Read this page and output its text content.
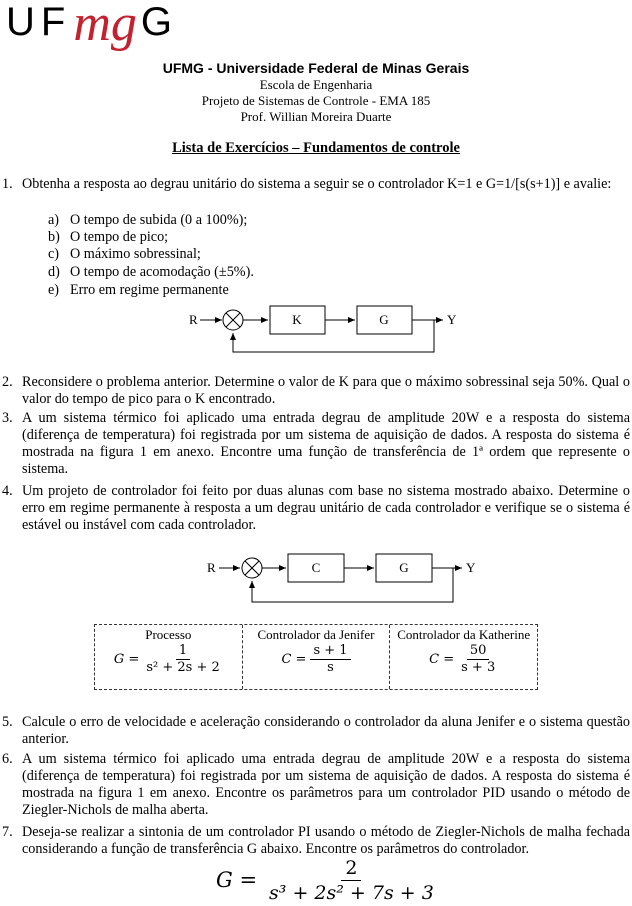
UFmg G
UFMG - Universidade Federal de Minas Gerais
Escola de Engenharia
Projeto de Sistemas de Controle - EMA 185
Prof. Willian Moreira Duarte
Lista de Exercícios – Fundamentos de controle
1. Obtenha a resposta ao degrau unitário do sistema a seguir se o controlador K=1 e G=1/[s(s+1)] e avalie:
a) O tempo de subida (0 a 100%);
b) O tempo de pico;
c) O máximo sobressinal;
d) O tempo de acomodação (±5%).
e) Erro em regime permanente
R	K	G	Y
2. Reconsidere o problema anterior. Determine o valor de K para que o máximo sobressinal seja 50%. Qual o valor do tempo de pico para o K encontrado.
3. A um sistema térmico foi aplicado uma entrada degrau de amplitude 20W e a resposta do sistema (diferença de temperatura) foi registrada por um sistema de aquisição de dados. A resposta do sistema é mostrada na figura 1 em anexo. Encontre uma função de transferência de 1ª ordem que represente o sistema.
4. Um projeto de controlador foi feito por duas alunas com base no sistema mostrado abaixo. Determine o erro em regime permanente à resposta a um degrau unitário de cada controlador e verifique se o sistema é estável ou instável com cada controlador.
R	C	G	Y
Processo
$G = \frac{1}{\text{s² + 2s + 2}}$
Controlador da Jenifer
$C = \frac{s + 1}{s}$
Controlador da Katherine
$C = \frac{50}{s + 3}$
5. Calcule o erro de velocidade e aceleração considerando o controlador da aluna Jenifer e o sistema questão anterior.
6. A um sistema térmico foi aplicado uma entrada degrau de amplitude 20W e a resposta do sistema (diferença de temperatura) foi registrada por um sistema de aquisição de dados. A resposta do sistema é mostrada na figura 1 em anexo. Encontre os parâmetros para um controlador PID usando o método de Ziegler-Nichols de malha aberta.
7. Deseja-se realizar a sintonia de um controlador PI usando o método de Ziegler-Nichols de malha fechada considerando a função de transferência G abaixo. Encontre os parâmetros do controlador.
$G = \frac{2}{\text{s³ + 2s² + 7s + 3}}$
